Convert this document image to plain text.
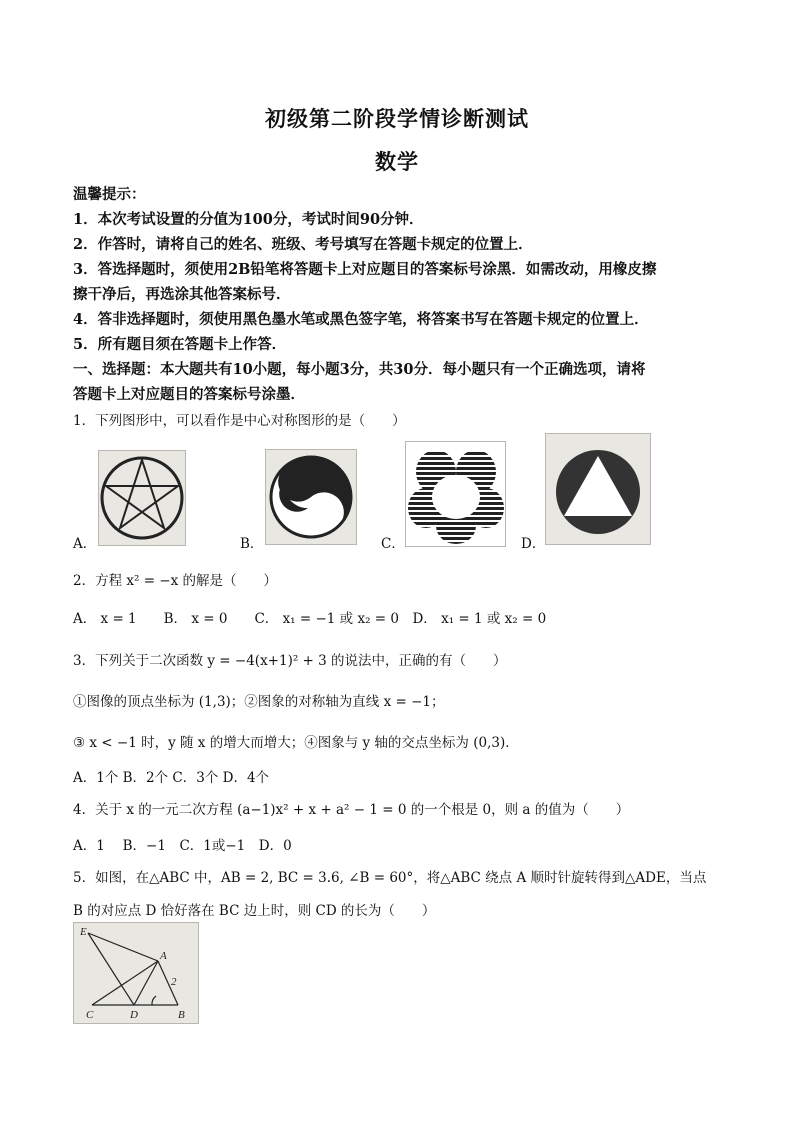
初级第二阶段学情诊断测试
数学
温馨提示：
1．本次考试设置的分值为100分，考试时间90分钟．
2．作答时，请将自己的姓名、班级、考号填写在答题卡规定的位置上．
3．答选择题时，须使用2B铅笔将答题卡上对应题目的答案标号涂黑．如需改动，用橡皮擦
擦干净后，再选涂其他答案标号．
4．答非选择题时，须使用黑色墨水笔或黑色签字笔，将答案书写在答题卡规定的位置上．
5．所有题目须在答题卡上作答．
一、选择题：本大题共有10小题，每小题3分，共30分．每小题只有一个正确选项，请将
答题卡上对应题目的答案标号涂墨．
1．下列图形中，可以看作是中心对称图形的是（　　）
A．	B．	C．	D．
2．方程 x² = −x 的解是（　　）
A． x = 1　　B． x = 0　　C． x₁ = −1 或 x₂ = 0　D． x₁ = 1 或 x₂ = 0
3．下列关于二次函数 y = −4(x+1)² + 3 的说法中，正确的有（　　）
①图像的顶点坐标为 (1,3)；②图象的对称轴为直线 x = −1；
③ x < −1 时，y 随 x 的增大而增大；④图象与 y 轴的交点坐标为 (0,3)．
A．1个 B．2个 C．3个 D．4个
4．关于 x 的一元二次方程 (a−1)x² + x + a² − 1 = 0 的一个根是 0，则 a 的值为（　　）
A．1　 B．−1　C．1或−1　D．0
5．如图，在△ABC 中，AB = 2, BC = 3.6, ∠B = 60°，将△ABC 绕点 A 顺时针旋转得到△ADE，当点
B 的对应点 D 恰好落在 BC 边上时，则 CD 的长为（　　）
E
A
C	D	B
2
